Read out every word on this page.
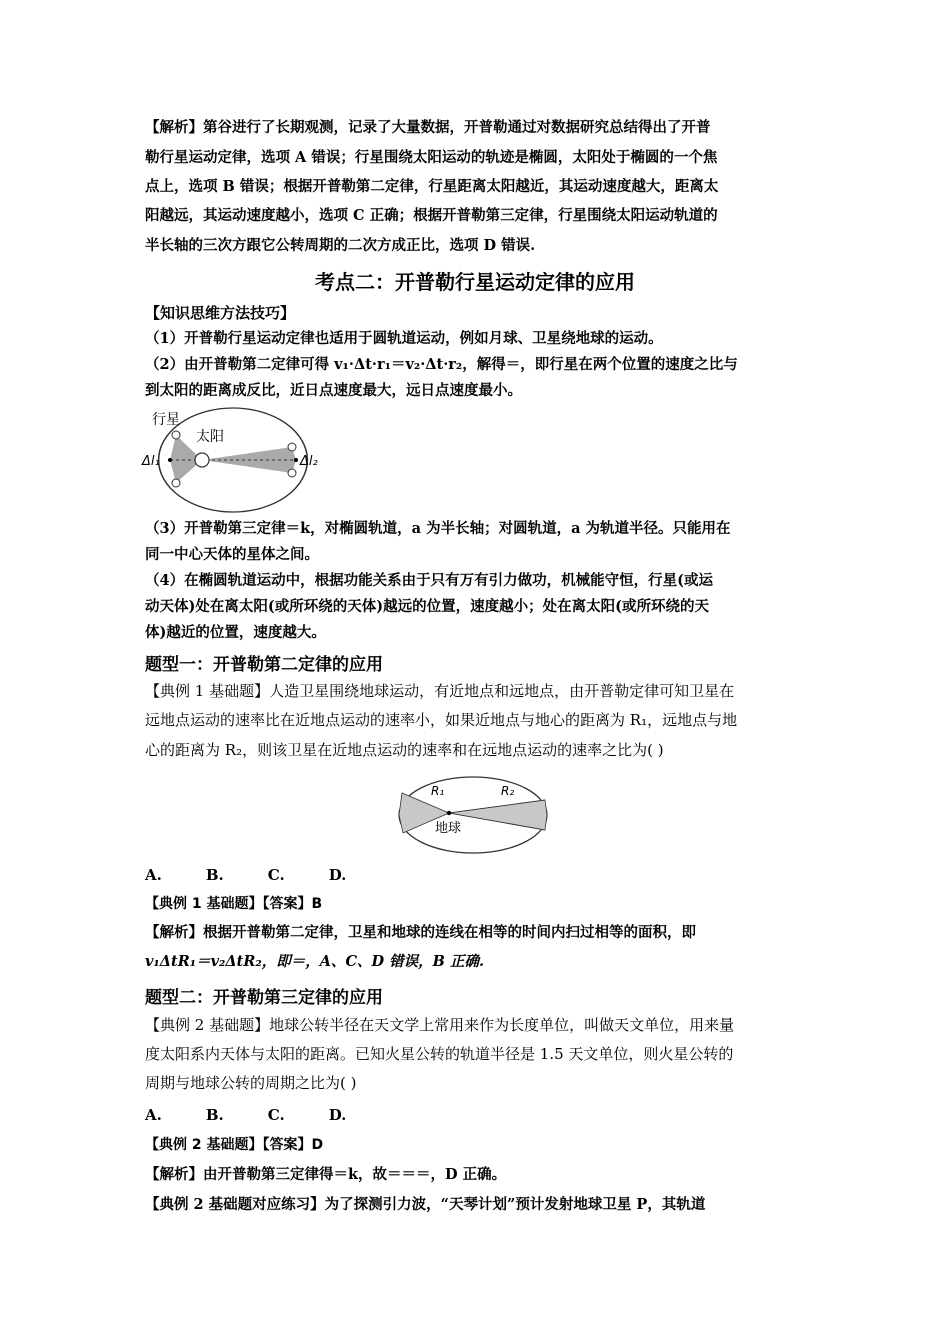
【解析】第谷进行了长期观测，记录了大量数据，开普勒通过对数据研究总结得出了开普
勒行星运动定律，选项 A 错误；行星围绕太阳运动的轨迹是椭圆，太阳处于椭圆的一个焦
点上，选项 B 错误；根据开普勒第二定律，行星距离太阳越近，其运动速度越大，距离太
阳越远，其运动速度越小，选项 C 正确；根据开普勒第三定律，行星围绕太阳运动轨道的
半长轴的三次方跟它公转周期的二次方成正比，选项 D 错误.
考点二：开普勒行星运动定律的应用
【知识思维方法技巧】
（1）开普勒行星运动定律也适用于圆轨道运动，例如月球、卫星绕地球的运动。
（2）由开普勒第二定律可得 v₁·Δt·r₁＝v₂·Δt·r₂，解得＝，即行星在两个位置的速度之比与
到太阳的距离成反比，近日点速度最大，远日点速度最小。
行星
太阳
Δl₁	Δl₂
（3）开普勒第三定律＝k，对椭圆轨道，a 为半长轴；对圆轨道，a 为轨道半径。只能用在
同一中心天体的星体之间。
（4）在椭圆轨道运动中，根据功能关系由于只有万有引力做功，机械能守恒，行星(或运
动天体)处在离太阳(或所环绕的天体)越远的位置，速度越小；处在离太阳(或所环绕的天
体)越近的位置，速度越大。
题型一：开普勒第二定律的应用
【典例 1 基础题】人造卫星围绕地球运动，有近地点和远地点，由开普勒定律可知卫星在
远地点运动的速率比在近地点运动的速率小，如果近地点与地心的距离为 R₁，远地点与地
心的距离为 R₂，则该卫星在近地点运动的速率和在远地点运动的速率之比为( )
R₁	R₂
地球
A.	B.	C.	D.
【典例 1 基础题】【答案】B
【解析】根据开普勒第二定律，卫星和地球的连线在相等的时间内扫过相等的面积，即
v₁ΔtR₁＝v₂ΔtR₂，即＝，A、C、D 错误，B 正确.
题型二：开普勒第三定律的应用
【典例 2 基础题】地球公转半径在天文学上常用来作为长度单位，叫做天文单位，用来量
度太阳系内天体与太阳的距离。已知火星公转的轨道半径是 1.5 天文单位，则火星公转的
周期与地球公转的周期之比为( )
A.	B.	C.	D.
【典例 2 基础题】【答案】D
【解析】由开普勒第三定律得＝k，故＝＝＝，D 正确。
【典例 2 基础题对应练习】为了探测引力波，“天琴计划”预计发射地球卫星 P，其轨道
